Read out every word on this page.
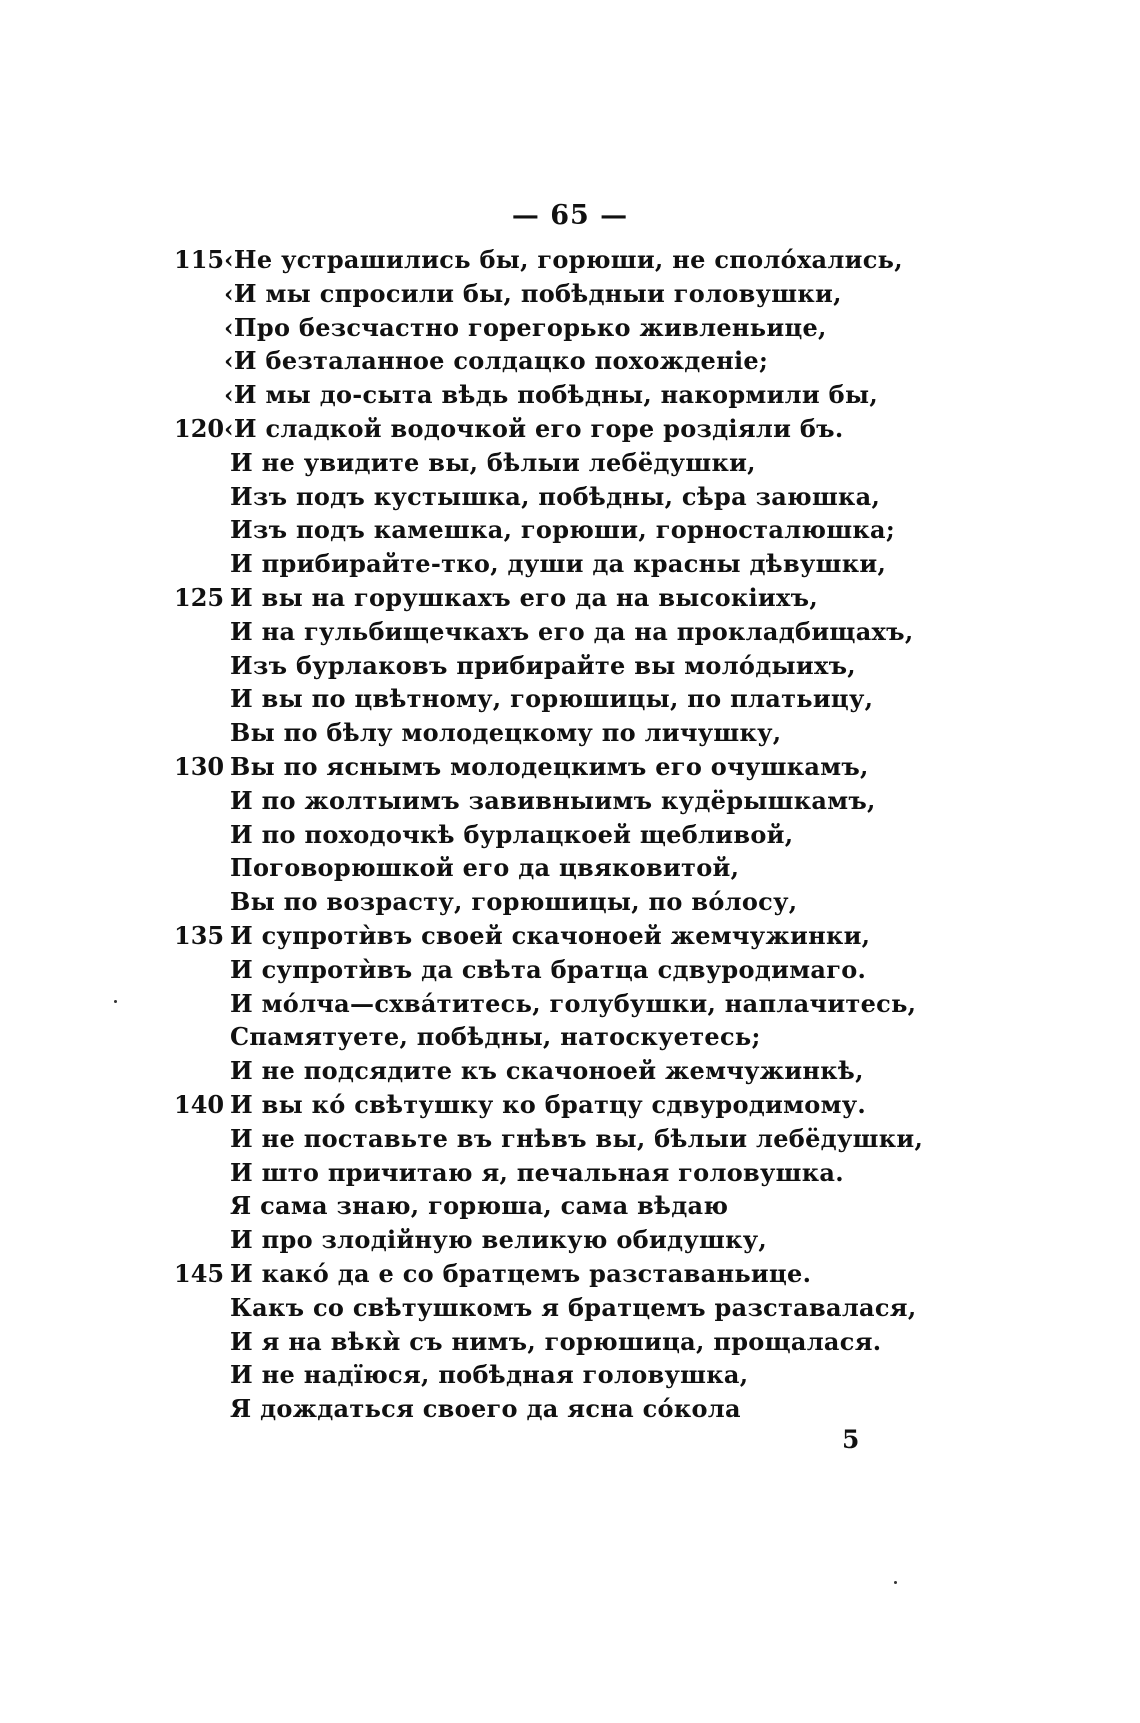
— 65 —
115 ‹Не устрашились бы, горюши, не сполóхались,
‹И мы спросили бы, побѣдныи головушки,
‹Про безсчастно горегорько живленьице,
‹И безталанное солдацко похожденіе;
‹И мы до-сыта вѣдь побѣдны, накормили бы,
120 ‹И сладкой водочкой его горе роздіяли бъ.
И не увидите вы, бѣлыи лебёдушки,
Изъ подъ кустышка, побѣдны, сѣра заюшка,
Изъ подъ камешка, горюши, горносталюшка;
И прибирайте-тко, души да красны дѣвушки,
125 И вы на горушкахъ его да на высокіихъ,
И на гульбищечкахъ его да на прокладбищахъ,
Изъ бурлаковъ прибирайте вы молóдыихъ,
И вы по цвѣтному, горюшицы, по платьицу,
Вы по бѣлу молодецкому по личушку,
130 Вы по яснымъ молодецкимъ его очушкамъ,
И по жолтыимъ завивныимъ кудёрышкамъ,
И по походочкѣ бурлацкоей щебливой,
Поговорюшкой его да цвяковитой,
Вы по возрасту, горюшицы, по вóлосу,
135 И супротѝвъ своей скачоноей жемчужинки,
И супротѝвъ да свѣта братца сдвуродимаго.
И мóлча—схвáтитесь, голубушки, наплачитесь,
Спамятуете, побѣдны, натоскуетесь;
И не подсядите къ скачоноей жемчужинкѣ,
140 И вы кó свѣтушку ко братцу сдвуродимому.
И не поставьте въ гнѣвъ вы, бѣлыи лебёдушки,
И што причитаю я, печальная головушка.
Я сама знаю, горюша, сама вѣдаю
И про злодійную великую обидушку,
145 И какó да е со братцемъ разставаньице.
Какъ со свѣтушкомъ я братцемъ разставалася,
И я на вѣкѝ съ нимъ, горюшица, прощалася.
И не надïюся, побѣдная головушка,
Я дождаться своего да ясна сóкола
5
